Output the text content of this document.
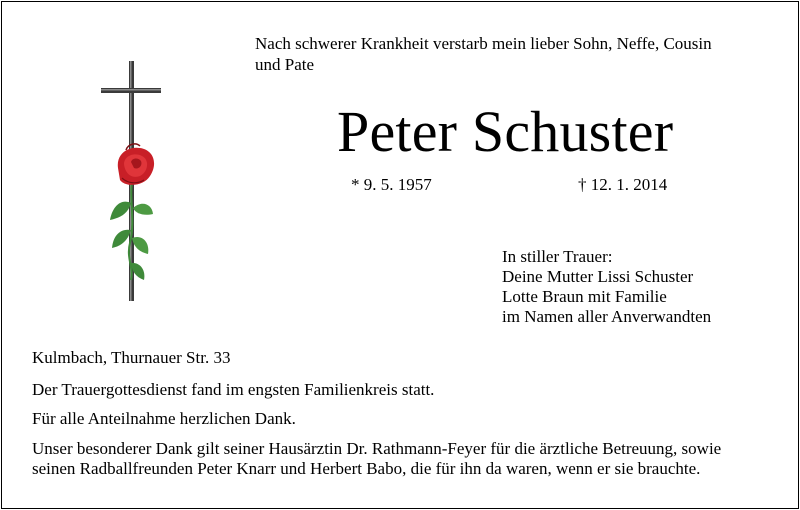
Nach schwerer Krankheit verstarb mein lieber Sohn, Neffe, Cousin
und Pate
Peter Schuster
* 9. 5. 1957	† 12. 1. 2014
In stiller Trauer:
Deine Mutter Lissi Schuster
Lotte Braun mit Familie
im Namen aller Anverwandten
Kulmbach, Thurnauer Str. 33
Der Trauergottesdienst fand im engsten Familienkreis statt.
Für alle Anteilnahme herzlichen Dank.
Unser besonderer Dank gilt seiner Hausärztin Dr. Rathmann-Feyer für die ärztliche Betreuung, sowie
seinen Radballfreunden Peter Knarr und Herbert Babo, die für ihn da waren, wenn er sie brauchte.
